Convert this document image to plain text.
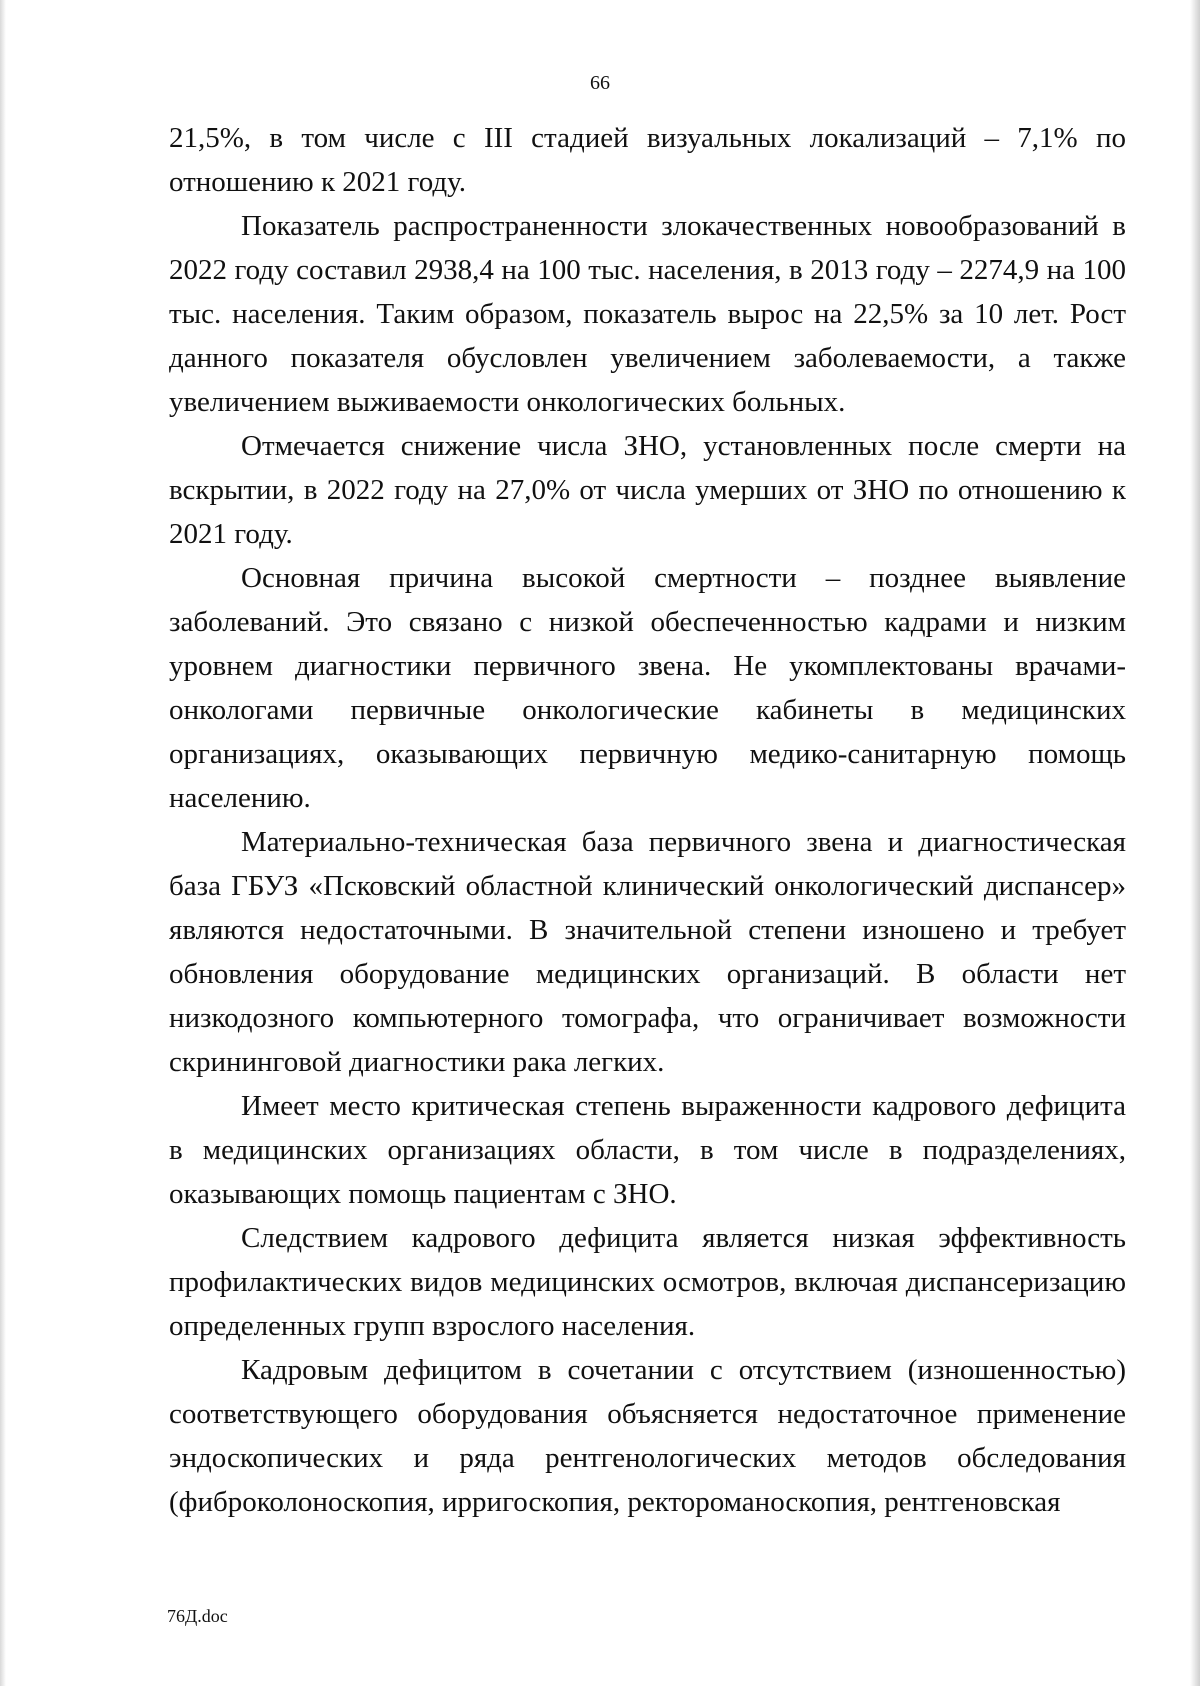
66

21,5%, в том числе с III стадией визуальных локализаций – 7,1% по отношению к 2021 году.

Показатель распространенности злокачественных новообразований в 2022 году составил 2938,4 на 100 тыс. населения, в 2013 году – 2274,9 на 100 тыс. населения. Таким образом, показатель вырос на 22,5% за 10 лет. Рост данного показателя обусловлен увеличением заболеваемости, а также увеличением выживаемости онкологических больных.

Отмечается снижение числа ЗНО, установленных после смерти на вскрытии, в 2022 году на 27,0% от числа умерших от ЗНО по отношению к 2021 году.

Основная причина высокой смертности – позднее выявление заболеваний. Это связано с низкой обеспеченностью кадрами и низким уровнем диагностики первичного звена. Не укомплектованы врачами-онкологами первичные онкологические кабинеты в медицинских организациях, оказывающих первичную медико-санитарную помощь населению.

Материально-техническая база первичного звена и диагностическая база ГБУЗ «Псковский областной клинический онкологический диспансер» являются недостаточными. В значительной степени изношено и требует обновления оборудование медицинских организаций. В области нет низкодозного компьютерного томографа, что ограничивает возможности скрининговой диагностики рака легких.

Имеет место критическая степень выраженности кадрового дефицита в медицинских организациях области, в том числе в подразделениях, оказывающих помощь пациентам с ЗНО.

Следствием кадрового дефицита является низкая эффективность профилактических видов медицинских осмотров, включая диспансеризацию определенных групп взрослого населения.

Кадровым дефицитом в сочетании с отсутствием (изношенностью) соответствующего оборудования объясняется недостаточное применение эндоскопических и ряда рентгенологических методов обследования (фиброколоноскопия, ирригоскопия, ректороманоскопия, рентгеновская

76Д.doc
